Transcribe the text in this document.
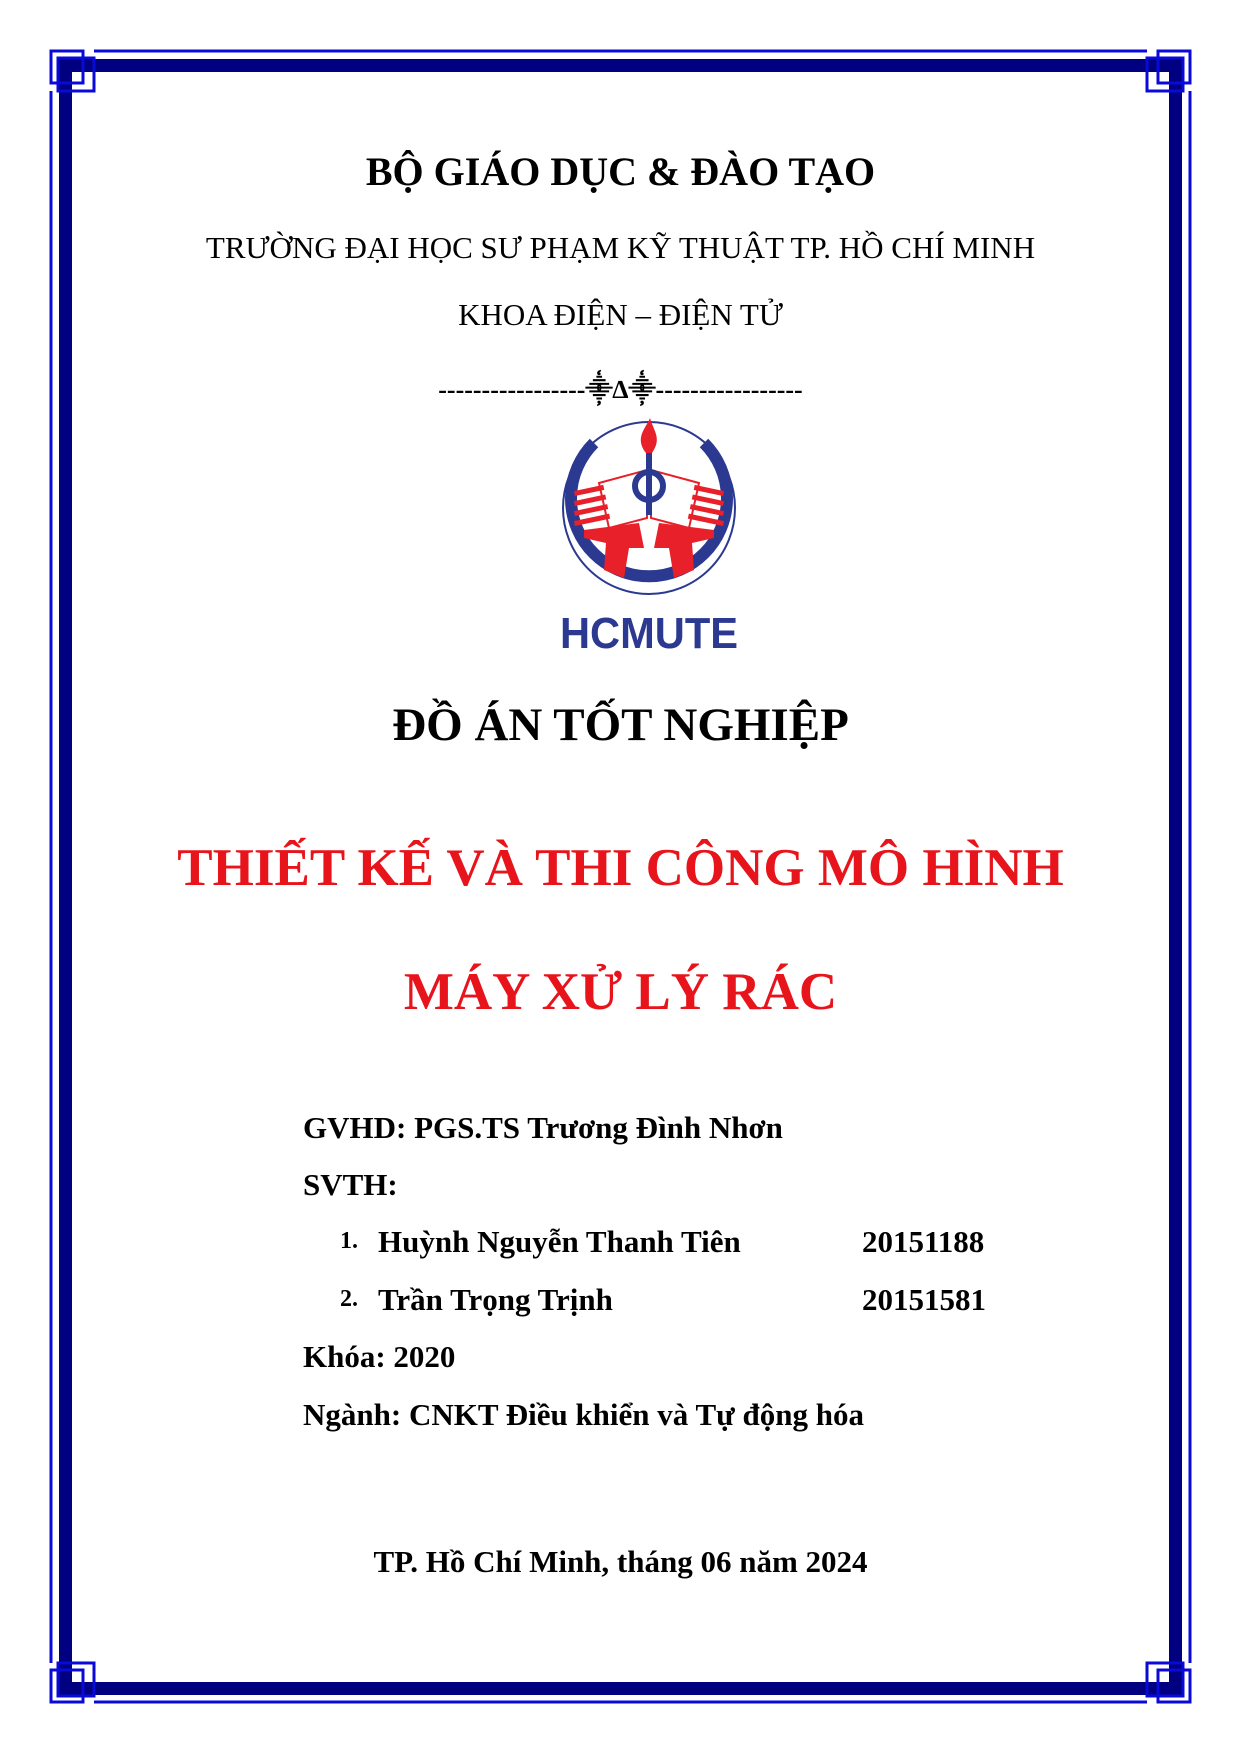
BỘ GIÁO DỤC & ĐÀO TẠO
TRƯỜNG ĐẠI HỌC SƯ PHẠM KỸ THUẬT TP. HỒ CHÍ MINH
KHOA ĐIỆN – ĐIỆN TỬ
-----------------⸎∆⸎-----------------
HCMUTE
ĐỒ ÁN TỐT NGHIỆP
THIẾT KẾ VÀ THI CÔNG MÔ HÌNH
MÁY XỬ LÝ RÁC
GVHD: PGS.TS Trương Đình Nhơn
SVTH:
1. Huỳnh Nguyễn Thanh Tiên	20151188
2. Trần Trọng Trịnh	20151581
Khóa: 2020
Ngành: CNKT Điều khiển và Tự động hóa
TP. Hồ Chí Minh, tháng 06 năm 2024
